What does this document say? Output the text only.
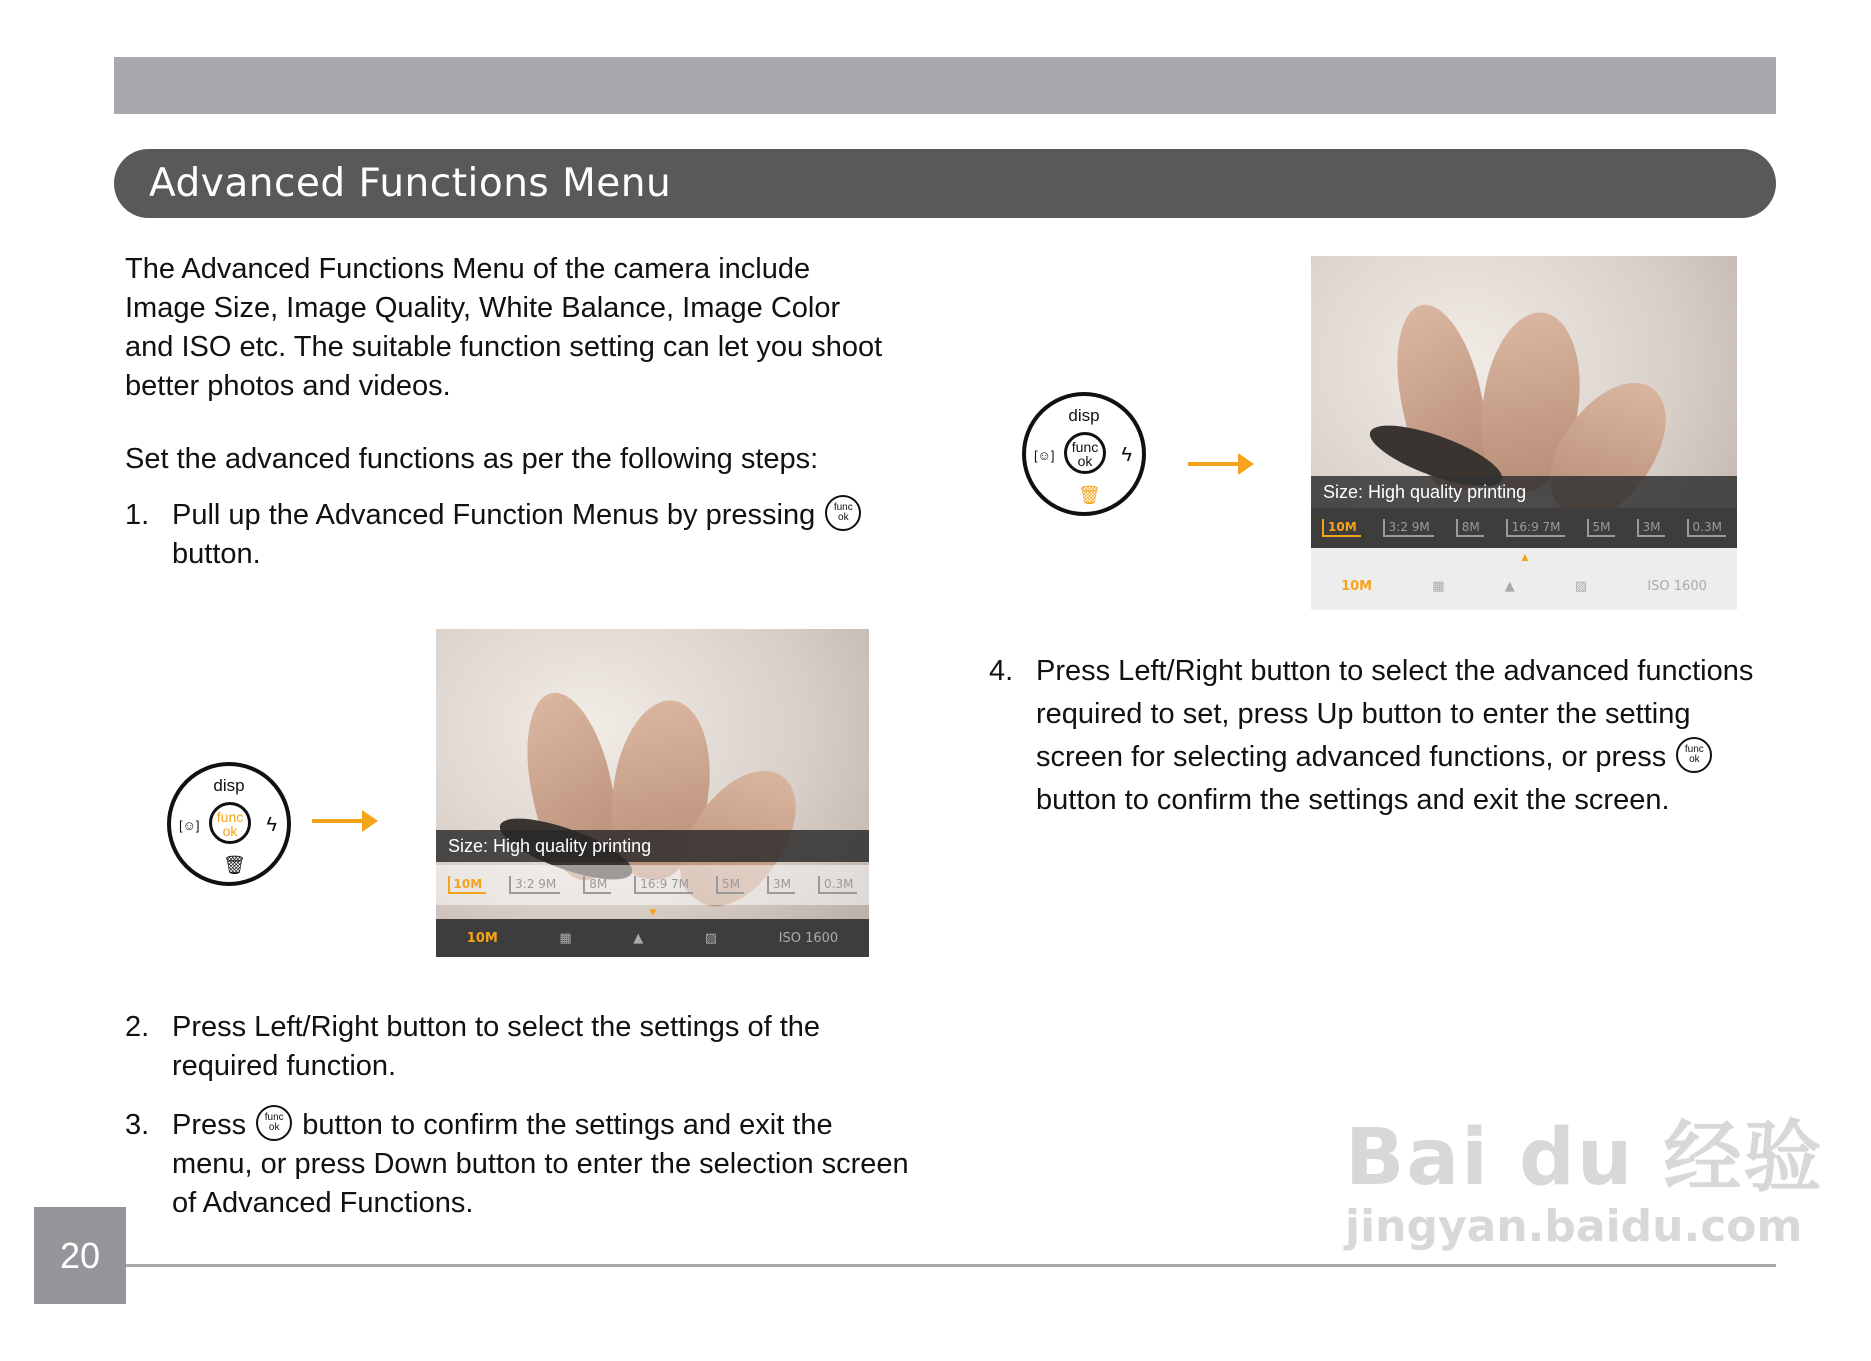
Advanced Functions Menu
The Advanced Functions Menu of the camera include Image Size, Image Quality, White Balance, Image Color and ISO etc. The suitable function setting can let you shoot better photos and videos.
Set the advanced functions as per the following steps:
1. Pull up the Advanced Function Menus by pressing	func
ok

button.
disp
func
ok
[☺]	ϟ
🗑
Size: High quality printing
10M	3:2 9M	8M	16:9 7M	5M	3M	0.3M
▼
10M	▦	▲	▨	ISO 1600
2. Press Left/Right button to select the settings of the required function.
3. Press	func
ok button to confirm the settings and exit the menu, or press Down button to enter the selection screen of Advanced Functions.
disp
func
ok
[☺]	ϟ
🗑	Size: High quality printing
10M	3:2 9M	8M	16:9 7M	5M	3M	0.3M
▲
10M	▦	▲	▨	ISO 1600
4. Press Left/Right button to select the advanced functions required to set, press Up button to enter the setting screen for selecting advanced functions, or press	func
ok
button to confirm the settings and exit the screen.
20
Bai du 经验
jingyan.baidu.com
